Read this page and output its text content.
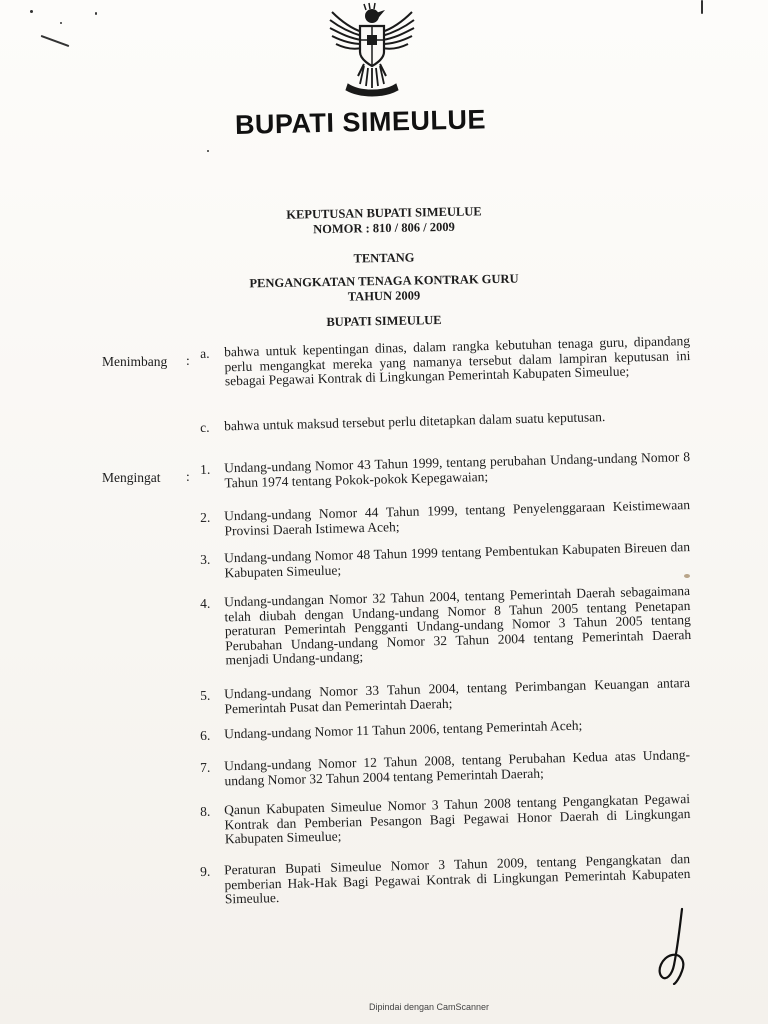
BUPATI SIMEULUE
KEPUTUSAN BUPATI SIMEULUE
NOMOR : 810 / 806 / 2009
TENTANG
PENGANGKATAN TENAGA KONTRAK GURU
TAHUN 2009
BUPATI SIMEULUE
Menimbang : a.	bahwa untuk kepentingan dinas, dalam rangka kebutuhan tenaga guru, dipandang perlu mengangkat mereka yang namanya tersebut dalam lampiran keputusan ini sebagai Pegawai Kontrak di Lingkungan Pemerintah Kabupaten Simeulue;
c.	bahwa untuk maksud tersebut perlu ditetapkan dalam suatu keputusan.
Mengingat : 1. Undang-undang Nomor 43 Tahun 1999, tentang perubahan Undang-undang Nomor 8 Tahun 1974 tentang Pokok-pokok Kepegawaian;
2. Undang-undang Nomor 44 Tahun 1999, tentang Penyelenggaraan Keistimewaan Provinsi Daerah Istimewa Aceh;
3. Undang-undang Nomor 48 Tahun 1999 tentang Pembentukan Kabupaten Bireuen dan Kabupaten Simeulue;
4. Undang-undangan Nomor 32 Tahun 2004, tentang Pemerintah Daerah sebagaimana telah diubah dengan Undang-undang Nomor 8 Tahun 2005 tentang Penetapan peraturan Pemerintah Pengganti Undang-undang Nomor 3 Tahun 2005 tentang Perubahan Undang-undang Nomor 32 Tahun 2004 tentang Pemerintah Daerah menjadi Undang-undang;
5. Undang-undang Nomor 33 Tahun 2004, tentang Perimbangan Keuangan antara Pemerintah Pusat dan Pemerintah Daerah;
6. Undang-undang Nomor 11 Tahun 2006, tentang Pemerintah Aceh;
7. Undang-undang Nomor 12 Tahun 2008, tentang Perubahan Kedua atas Undang-undang Nomor 32 Tahun 2004 tentang Pemerintah Daerah;
8. Qanun Kabupaten Simeulue Nomor 3 Tahun 2008 tentang Pengangkatan Pegawai Kontrak dan Pemberian Pesangon Bagi Pegawai Honor Daerah di Lingkungan Kabupaten Simeulue;
9. Peraturan Bupati Simeulue Nomor 3 Tahun 2009, tentang Pengangkatan dan pemberian Hak-Hak Bagi Pegawai Kontrak di Lingkungan Pemerintah Kabupaten Simeulue.
Dipindai dengan CamScanner
